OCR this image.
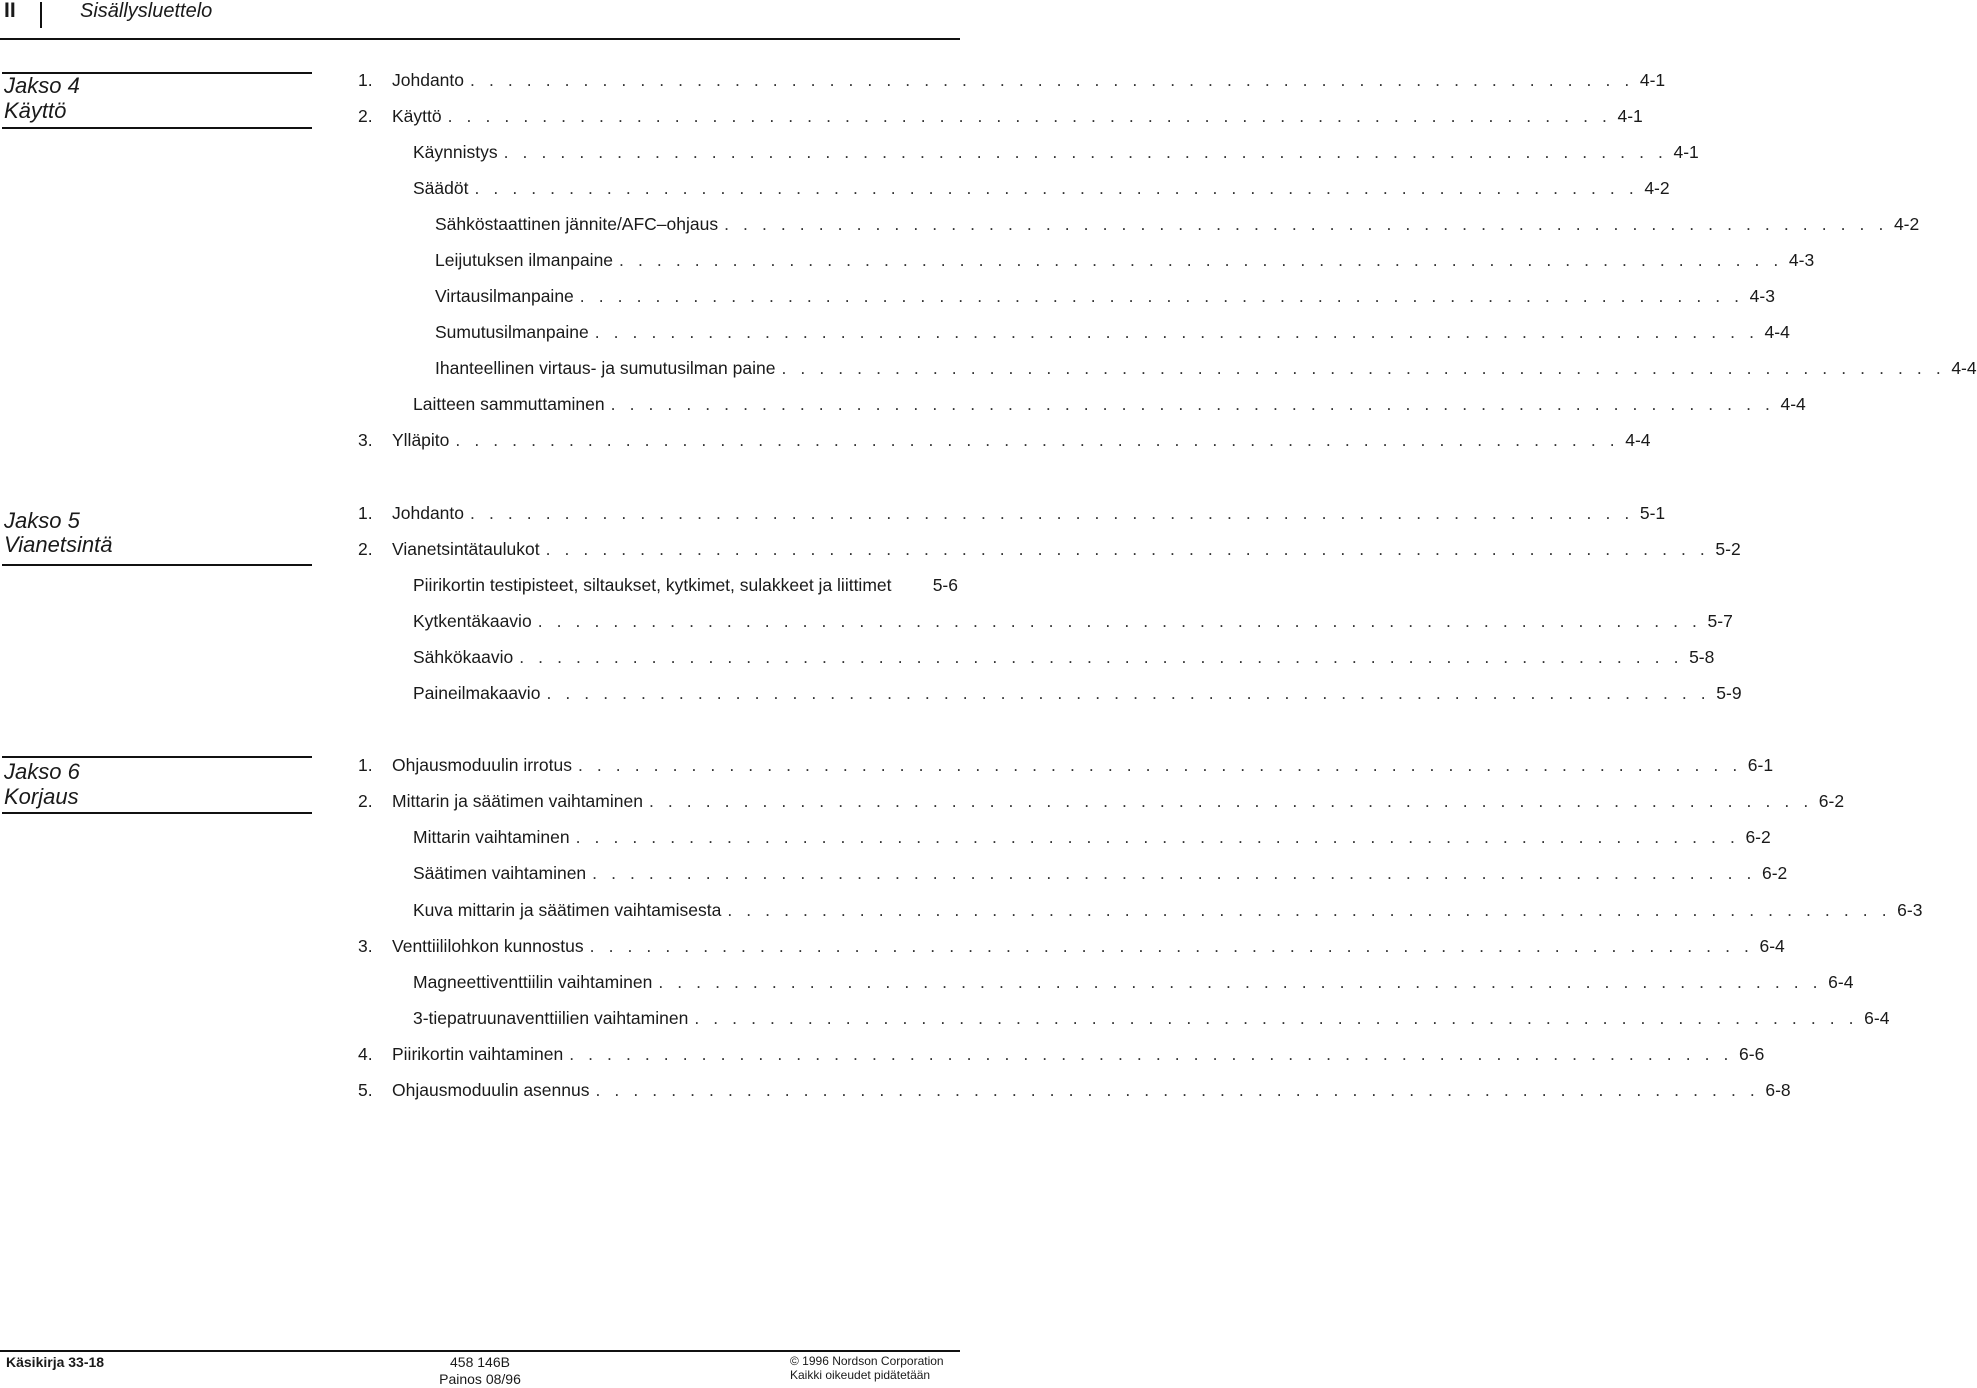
II	Sisällysluettelo
Jakso 4
Käyttö
1. Johdanto . . . . . . . . . . . . . . . . . . . . . . . . . . . . . . . . . . . . . . . . . . . . . . . . . . . . . . . . . . . . . . 4-1
2. Käyttö . . . . . . . . . . . . . . . . . . . . . . . . . . . . . . . . . . . . . . . . . . . . . . . . . . . . . . . . . . . . . . 4-1
Käynnistys . . . . . . . . . . . . . . . . . . . . . . . . . . . . . . . . . . . . . . . . . . . . . . . . . . . . . . . . . . . . . . 4-1
Säädöt . . . . . . . . . . . . . . . . . . . . . . . . . . . . . . . . . . . . . . . . . . . . . . . . . . . . . . . . . . . . . . 4-2
Sähköstaattinen jännite/AFC–ohjaus . . . . . . . . . . . . . . . . . . . . . . . . . . . . . . . . . . . . . . . . . . . . . . . . . . . . . . . . . . . . . . 4-2
Leijutuksen ilmanpaine . . . . . . . . . . . . . . . . . . . . . . . . . . . . . . . . . . . . . . . . . . . . . . . . . . . . . . . . . . . . . . 4-3
Virtausilmanpaine . . . . . . . . . . . . . . . . . . . . . . . . . . . . . . . . . . . . . . . . . . . . . . . . . . . . . . . . . . . . . . 4-3
Sumutusilmanpaine . . . . . . . . . . . . . . . . . . . . . . . . . . . . . . . . . . . . . . . . . . . . . . . . . . . . . . . . . . . . . . 4-4
Ihanteellinen virtaus- ja sumutusilman paine . . . . . . . . . . . . . . . . . . . . . . . . . . . . . . . . . . . . . . . . . . . . . . . . . . . . . . . . . . . . . . 4-4
Laitteen sammuttaminen . . . . . . . . . . . . . . . . . . . . . . . . . . . . . . . . . . . . . . . . . . . . . . . . . . . . . . . . . . . . . . 4-4
3. Ylläpito . . . . . . . . . . . . . . . . . . . . . . . . . . . . . . . . . . . . . . . . . . . . . . . . . . . . . . . . . . . . . . 4-4
Jakso 5
Vianetsintä
1. Johdanto . . . . . . . . . . . . . . . . . . . . . . . . . . . . . . . . . . . . . . . . . . . . . . . . . . . . . . . . . . . . . . 5-1
2. Vianetsintätaulukot . . . . . . . . . . . . . . . . . . . . . . . . . . . . . . . . . . . . . . . . . . . . . . . . . . . . . . . . . . . . . . 5-2
Piirikortin testipisteet, siltaukset, kytkimet, sulakkeet ja liittimet 5-6
Kytkentäkaavio . . . . . . . . . . . . . . . . . . . . . . . . . . . . . . . . . . . . . . . . . . . . . . . . . . . . . . . . . . . . . . 5-7
Sähkökaavio . . . . . . . . . . . . . . . . . . . . . . . . . . . . . . . . . . . . . . . . . . . . . . . . . . . . . . . . . . . . . . 5-8
Paineilmakaavio . . . . . . . . . . . . . . . . . . . . . . . . . . . . . . . . . . . . . . . . . . . . . . . . . . . . . . . . . . . . . . 5-9
Jakso 6
Korjaus
1. Ohjausmoduulin irrotus . . . . . . . . . . . . . . . . . . . . . . . . . . . . . . . . . . . . . . . . . . . . . . . . . . . . . . . . . . . . . . 6-1
2. Mittarin ja säätimen vaihtaminen . . . . . . . . . . . . . . . . . . . . . . . . . . . . . . . . . . . . . . . . . . . . . . . . . . . . . . . . . . . . . . 6-2
Mittarin vaihtaminen . . . . . . . . . . . . . . . . . . . . . . . . . . . . . . . . . . . . . . . . . . . . . . . . . . . . . . . . . . . . . . 6-2
Säätimen vaihtaminen . . . . . . . . . . . . . . . . . . . . . . . . . . . . . . . . . . . . . . . . . . . . . . . . . . . . . . . . . . . . . . 6-2
Kuva mittarin ja säätimen vaihtamisesta . . . . . . . . . . . . . . . . . . . . . . . . . . . . . . . . . . . . . . . . . . . . . . . . . . . . . . . . . . . . . . 6-3
3. Venttiililohkon kunnostus . . . . . . . . . . . . . . . . . . . . . . . . . . . . . . . . . . . . . . . . . . . . . . . . . . . . . . . . . . . . . . 6-4
Magneettiventtiilin vaihtaminen . . . . . . . . . . . . . . . . . . . . . . . . . . . . . . . . . . . . . . . . . . . . . . . . . . . . . . . . . . . . . . 6-4
3-tiepatruunaventtiilien vaihtaminen . . . . . . . . . . . . . . . . . . . . . . . . . . . . . . . . . . . . . . . . . . . . . . . . . . . . . . . . . . . . . . 6-4
4. Piirikortin vaihtaminen . . . . . . . . . . . . . . . . . . . . . . . . . . . . . . . . . . . . . . . . . . . . . . . . . . . . . . . . . . . . . . 6-6
5. Ohjausmoduulin asennus . . . . . . . . . . . . . . . . . . . . . . . . . . . . . . . . . . . . . . . . . . . . . . . . . . . . . . . . . . . . . . 6-8
Käsikirja 33-18	458 146B
Painos 08/96
© 1996 Nordson Corporation
Kaikki oikeudet pidätetään
